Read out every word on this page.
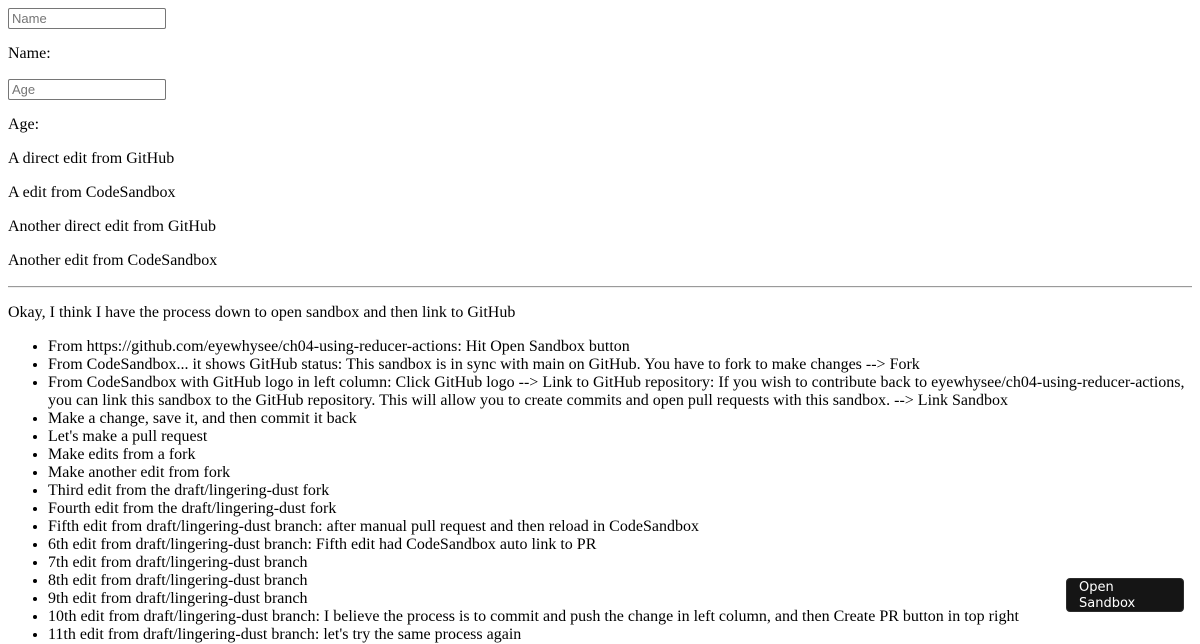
Name

Name:

Age

Age:

A direct edit from GitHub

A edit from CodeSandbox

Another direct edit from GitHub

Another edit from CodeSandbox

Okay, I think I have the process down to open sandbox and then link to GitHub

• From https://github.com/eyewhysee/ch04-using-reducer-actions: Hit Open Sandbox button
• From CodeSandbox... it shows GitHub status: This sandbox is in sync with main on GitHub. You have to fork to make changes --> Fork
• From CodeSandbox with GitHub logo in left column: Click GitHub logo --> Link to GitHub repository: If you wish to contribute back to eyewhysee/ch04-using-reducer-actions, you can link this sandbox to the GitHub repository. This will allow you to create commits and open pull requests with this sandbox. --> Link Sandbox
• Make a change, save it, and then commit it back
• Let's make a pull request
• Make edits from a fork
• Make another edit from fork
• Third edit from the draft/lingering-dust fork
• Fourth edit from the draft/lingering-dust fork
• Fifth edit from draft/lingering-dust branch: after manual pull request and then reload in CodeSandbox
• 6th edit from draft/lingering-dust branch: Fifth edit had CodeSandbox auto link to PR
• 7th edit from draft/lingering-dust branch
• 8th edit from draft/lingering-dust branch
• 9th edit from draft/lingering-dust branch
• 10th edit from draft/lingering-dust branch: I believe the process is to commit and push the change in left column, and then Create PR button in top right
• 11th edit from draft/lingering-dust branch: let's try the same process again
Open
Sandbox
